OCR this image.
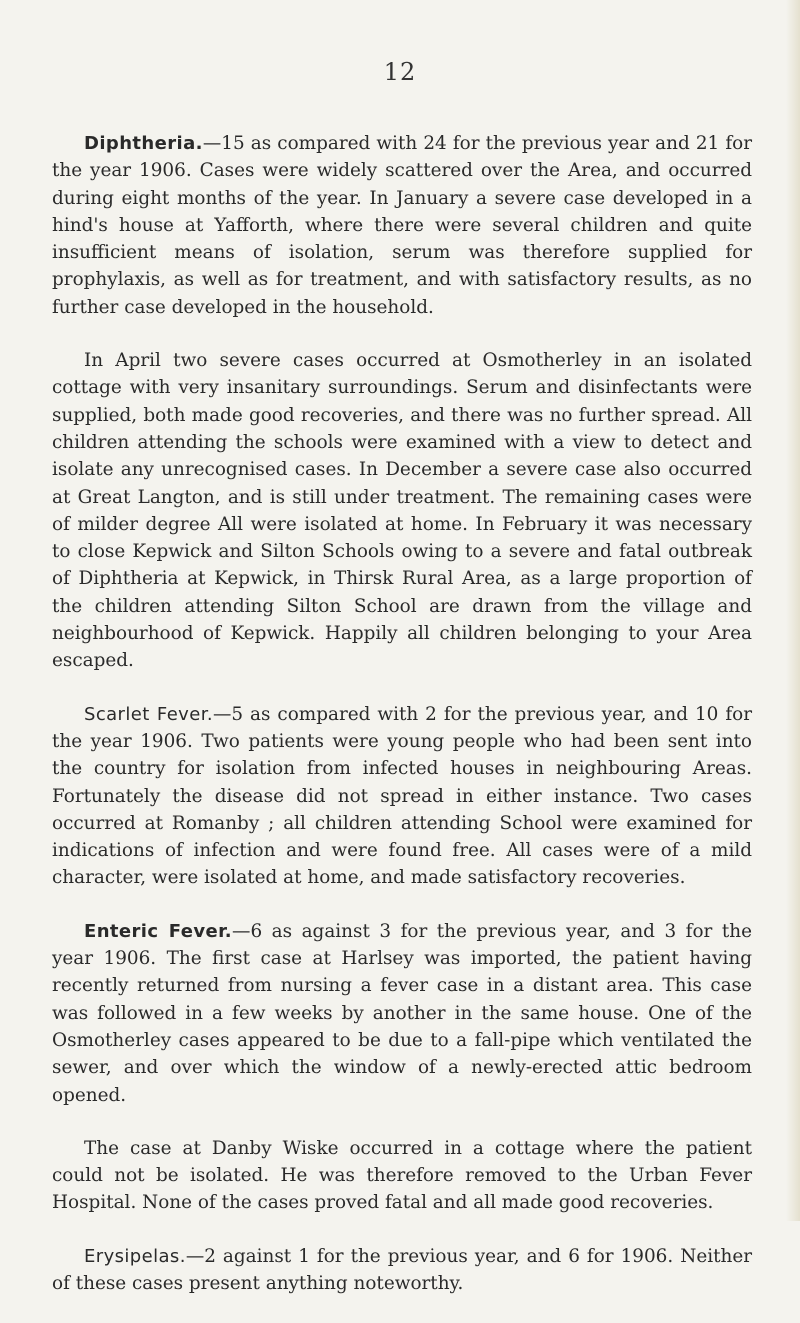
12

Diphtheria.—15 as compared with 24 for the previous year and 21 for the year 1906. Cases were widely scattered over the Area, and occurred during eight months of the year. In January a severe case developed in a hind's house at Yafforth, where there were several children and quite insufficient means of isolation, serum was therefore supplied for prophylaxis, as well as for treatment, and with satisfactory results, as no further case developed in the household.

In April two severe cases occurred at Osmotherley in an isolated cottage with very insanitary surroundings. Serum and disinfectants were supplied, both made good recoveries, and there was no further spread. All children attending the schools were examined with a view to detect and isolate any unrecognised cases. In December a severe case also occurred at Great Langton, and is still under treatment. The remaining cases were of milder degree All were isolated at home. In February it was necessary to close Kepwick and Silton Schools owing to a severe and fatal outbreak of Diphtheria at Kepwick, in Thirsk Rural Area, as a large proportion of the children attending Silton School are drawn from the village and neighbourhood of Kepwick. Happily all children belonging to your Area escaped.

Scarlet Fever.—5 as compared with 2 for the previous year, and 10 for the year 1906. Two patients were young people who had been sent into the country for isolation from infected houses in neighbouring Areas. Fortunately the disease did not spread in either instance. Two cases occurred at Romanby ; all children attending School were examined for indications of infection and were found free. All cases were of a mild character, were isolated at home, and made satisfactory recoveries.

Enteric Fever.—6 as against 3 for the previous year, and 3 for the year 1906. The first case at Harlsey was imported, the patient having recently returned from nursing a fever case in a distant area. This case was followed in a few weeks by another in the same house. One of the Osmotherley cases appeared to be due to a fall-pipe which ventilated the sewer, and over which the window of a newly-erected attic bedroom opened.

The case at Danby Wiske occurred in a cottage where the patient could not be isolated. He was therefore removed to the Urban Fever Hospital. None of the cases proved fatal and all made good recoveries.

Erysipelas.—2 against 1 for the previous year, and 6 for 1906. Neither of these cases present anything noteworthy.
